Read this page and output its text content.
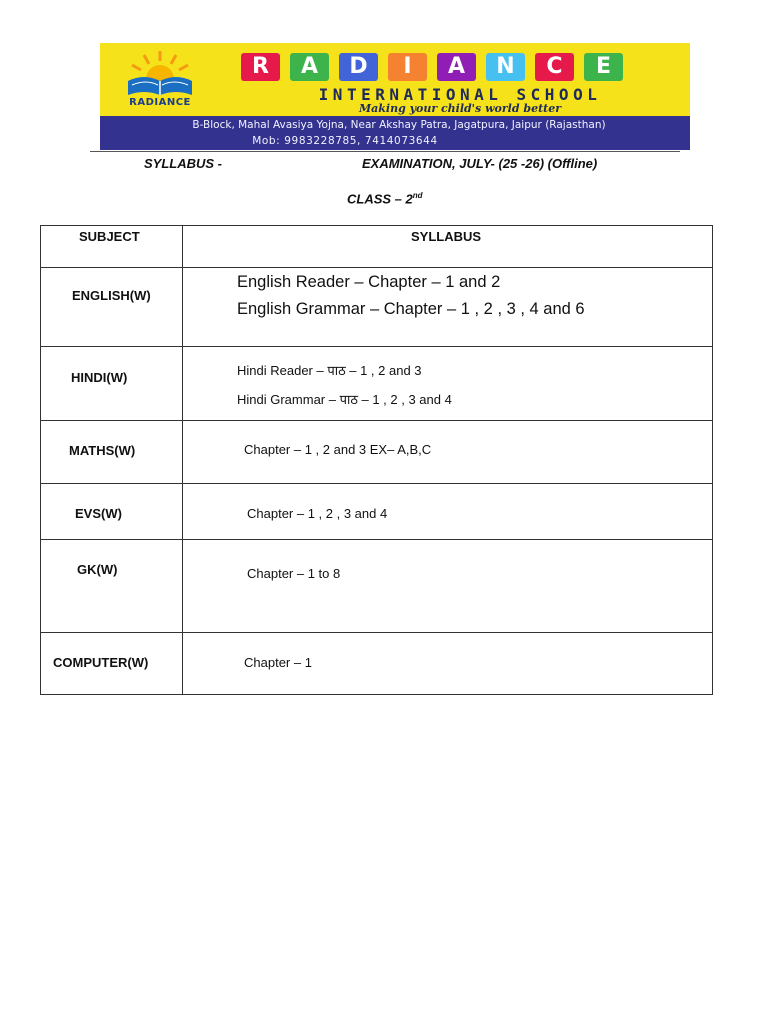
RADIANCE
R	A	D	I	A	N	C	E
INTERNATIONAL SCHOOL
Making your child's world better
B-Block, Mahal Avasiya Yojna, Near Akshay Patra, Jagatpura, Jaipur (Rajasthan)
Mob: 9983228785, 7414073644
SYLLABUS -	EXAMINATION, JULY- (25 -26) (Offline)
CLASS – 2nd
SUBJECT	SYLLABUS

ENGLISH(W)	English Reader – Chapter – 1 and 2
English Grammar – Chapter – 1 , 2 , 3 , 4 and 6

HINDI(W)	Hindi Reader – पाठ – 1 , 2 and 3
Hindi Grammar – पाठ – 1 , 2 , 3 and 4

MATHS(W)	Chapter – 1 , 2 and 3 EX– A,B,C

EVS(W)	Chapter – 1 , 2 , 3 and 4

GK(W)	Chapter – 1 to 8

COMPUTER(W)	Chapter – 1
